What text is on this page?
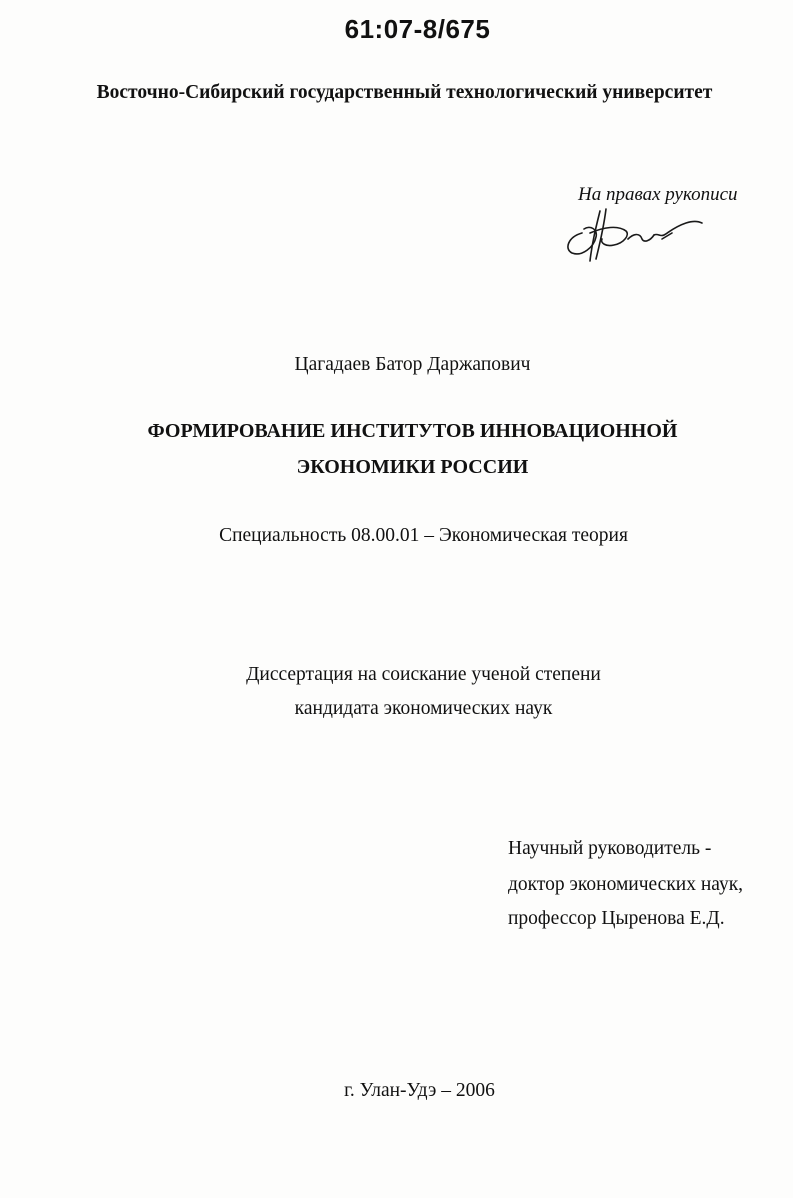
61:07-8/675
Восточно-Сибирский государственный технологический университет
На правах рукописи
Цагадаев Батор Даржапович
ФОРМИРОВАНИЕ ИНСТИТУТОВ ИННОВАЦИОННОЙ
ЭКОНОМИКИ РОССИИ
Специальность 08.00.01 – Экономическая теория
Диссертация на соискание ученой степени
кандидата экономических наук
Научный руководитель -
доктор экономических наук,
профессор Цыренова Е.Д.
г. Улан-Удэ – 2006
